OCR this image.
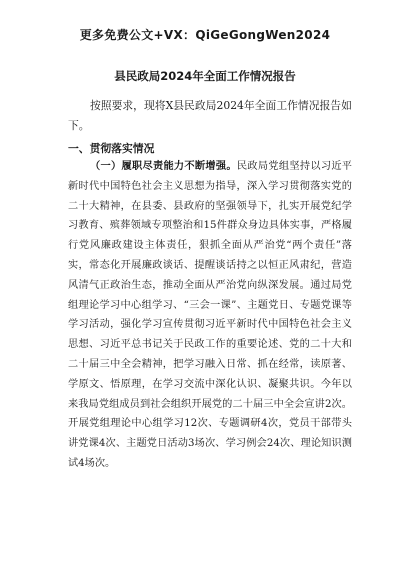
更多免费公文+VX：QiGeGongWen2024
县民政局2024年全面工作情况报告
按照要求，现将X县民政局2024年全面工作情况报告如下。
一、贯彻落实情况
（一）履职尽责能力不断增强。民政局党组坚持以习近平新时代中国特色社会主义思想为指导，深入学习贯彻落实党的二十大精神，在县委、县政府的坚强领导下，扎实开展党纪学习教育、殡葬领域专项整治和15件群众身边具体实事，严格履行党风廉政建设主体责任，狠抓全面从严治党“两个责任”落实，常态化开展廉政谈话、提醒谈话持之以恒正风肃纪，营造风清气正政治生态，推动全面从严治党向纵深发展。通过局党组理论学习中心组学习、“三会一课”、主题党日、专题党课等学习活动，强化学习宣传贯彻习近平新时代中国特色社会主义思想、习近平总书记关于民政工作的重要论述、党的二十大和二十届三中全会精神，把学习融入日常、抓在经常，读原著、学原文、悟原理，在学习交流中深化认识、凝聚共识。今年以来我局党组成员到社会组织开展党的二十届三中全会宣讲2次。开展党组理论中心组学习12次、专题调研4次，党员干部带头讲党课4次、主题党日活动3场次、学习例会24次、理论知识测试4场次。
